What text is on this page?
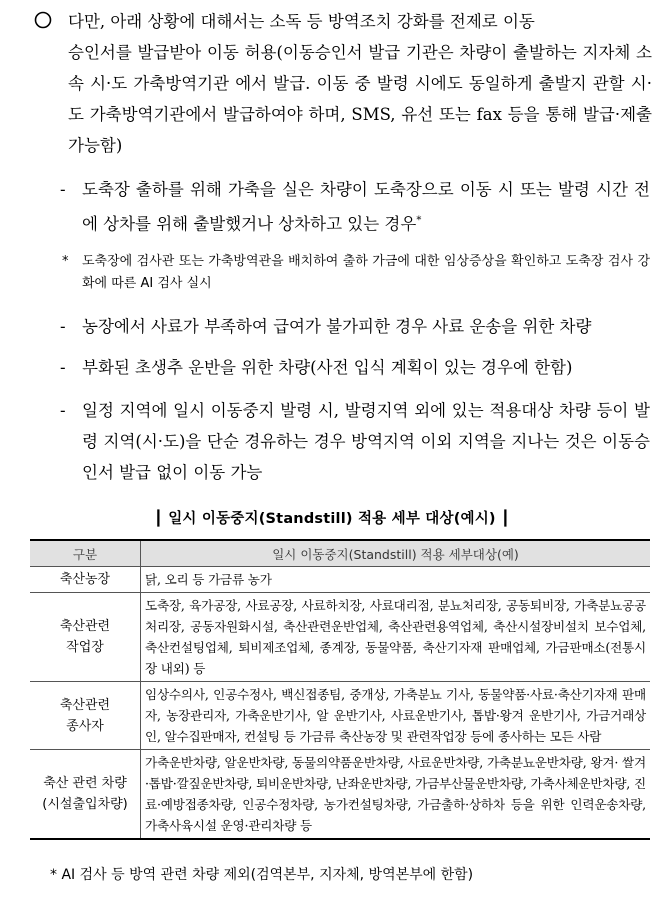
다만, 아래 상황에 대해서는 소독 등 방역조치 강화를 전제로 이동
승인서를 발급받아 이동 허용(이동승인서 발급 기관은 차량이 출발하는 지자체 소속 시·도 가축방역기관 에서 발급. 이동 중 발령 시에도 동일하게 출발지 관할 시·도 가축방역기관에서 발급하여야 하며, SMS, 유선 또는 fax 등을 통해 발급·제출 가능함)
- 도축장 출하를 위해 가축을 실은 차량이 도축장으로 이동 시 또는 발령 시간 전에 상차를 위해 출발했거나 상차하고 있는 경우*
*	도축장에 검사관 또는 가축방역관을 배치하여 출하 가금에 대한 임상증상을 확인하고 도축장 검사 강화에 따른 AI 검사 실시
- 농장에서 사료가 부족하여 급여가 불가피한 경우 사료 운송을 위한 차량
- 부화된 초생추 운반을 위한 차량(사전 입식 계획이 있는 경우에 한함)
- 일정 지역에 일시 이동중지 발령 시, 발령지역 외에 있는 적용대상 차량 등이 발령 지역(시·도)을 단순 경유하는 경우 방역지역 이외 지역을 지나는 것은 이동승인서 발급 없이 이동 가능
┃ 일시 이동중지(Standstill) 적용 세부 대상(예시) ┃
구분	일시 이동중지(Standstill) 적용 세부대상(예)
축산농장	닭, 오리 등 가금류 농가
축산관련
작업장	도축장, 육가공장, 사료공장, 사료하치장, 사료대리점, 분뇨처리장, 공동퇴비장, 가축분뇨공공처리장, 공동자원화시설, 축산관련운반업체, 축산관련용역업체, 축산시설장비설치 보수업체, 축산컨설팅업체, 퇴비제조업체, 종계장, 동물약품, 축산기자재 판매업체, 가금판매소(전통시장 내외) 등
축산관련
종사자	임상수의사, 인공수정사, 백신접종팀, 중개상, 가축분뇨 기사, 동물약품·사료·축산기자재 판매자, 농장관리자, 가축운반기사, 알 운반기사, 사료운반기사, 톱밥·왕겨 운반기사, 가금거래상인, 알수집판매자, 컨설팅 등 가금류 축산농장 및 관련작업장 등에 종사하는 모든 사람
축산 관련 차량
(시설출입차량)	가축운반차량, 알운반차량, 동물의약품운반차량, 사료운반차량, 가축분뇨운반차량, 왕겨· 쌀겨·톱밥·깔짚운반차량, 퇴비운반차량, 난좌운반차량, 가금부산물운반차량, 가축사체운반차량, 진료·예방접종차량, 인공수정차량, 농가컨설팅차량, 가금출하·상하차 등을 위한 인력운송차량, 가축사육시설 운영·관리차량 등
* AI 검사 등 방역 관련 차량 제외(검역본부, 지자체, 방역본부에 한함)
